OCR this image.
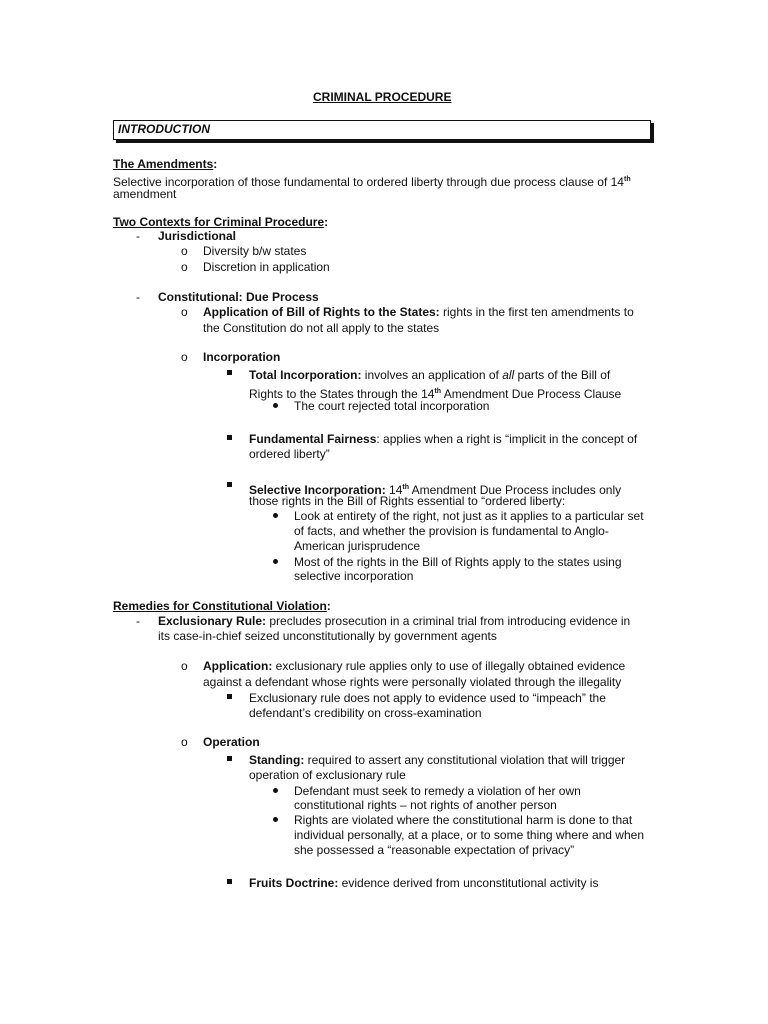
CRIMINAL PROCEDURE
INTRODUCTION
The Amendments:
Selective incorporation of those fundamental to ordered liberty through due process clause of 14th
amendment
Two Contexts for Criminal Procedure:
- Jurisdictional
o Diversity b/w states
o Discretion in application
- Constitutional: Due Process
o Application of Bill of Rights to the States: rights in the first ten amendments to
the Constitution do not all apply to the states
o Incorporation
Total Incorporation: involves an application of all parts of the Bill of
Rights to the States through the 14th Amendment Due Process Clause
The court rejected total incorporation
Fundamental Fairness: applies when a right is “implicit in the concept of
ordered liberty”
Selective Incorporation: 14th Amendment Due Process includes only
those rights in the Bill of Rights essential to “ordered liberty:
Look at entirety of the right, not just as it applies to a particular set
of facts, and whether the provision is fundamental to Anglo-
American jurisprudence
Most of the rights in the Bill of Rights apply to the states using
selective incorporation
Remedies for Constitutional Violation:
- Exclusionary Rule: precludes prosecution in a criminal trial from introducing evidence in
its case-in-chief seized unconstitutionally by government agents
o Application: exclusionary rule applies only to use of illegally obtained evidence
against a defendant whose rights were personally violated through the illegality
Exclusionary rule does not apply to evidence used to “impeach” the
defendant’s credibility on cross-examination
o Operation
Standing: required to assert any constitutional violation that will trigger
operation of exclusionary rule
Defendant must seek to remedy a violation of her own
constitutional rights – not rights of another person
Rights are violated where the constitutional harm is done to that
individual personally, at a place, or to some thing where and when
she possessed a “reasonable expectation of privacy”
Fruits Doctrine: evidence derived from unconstitutional activity is
